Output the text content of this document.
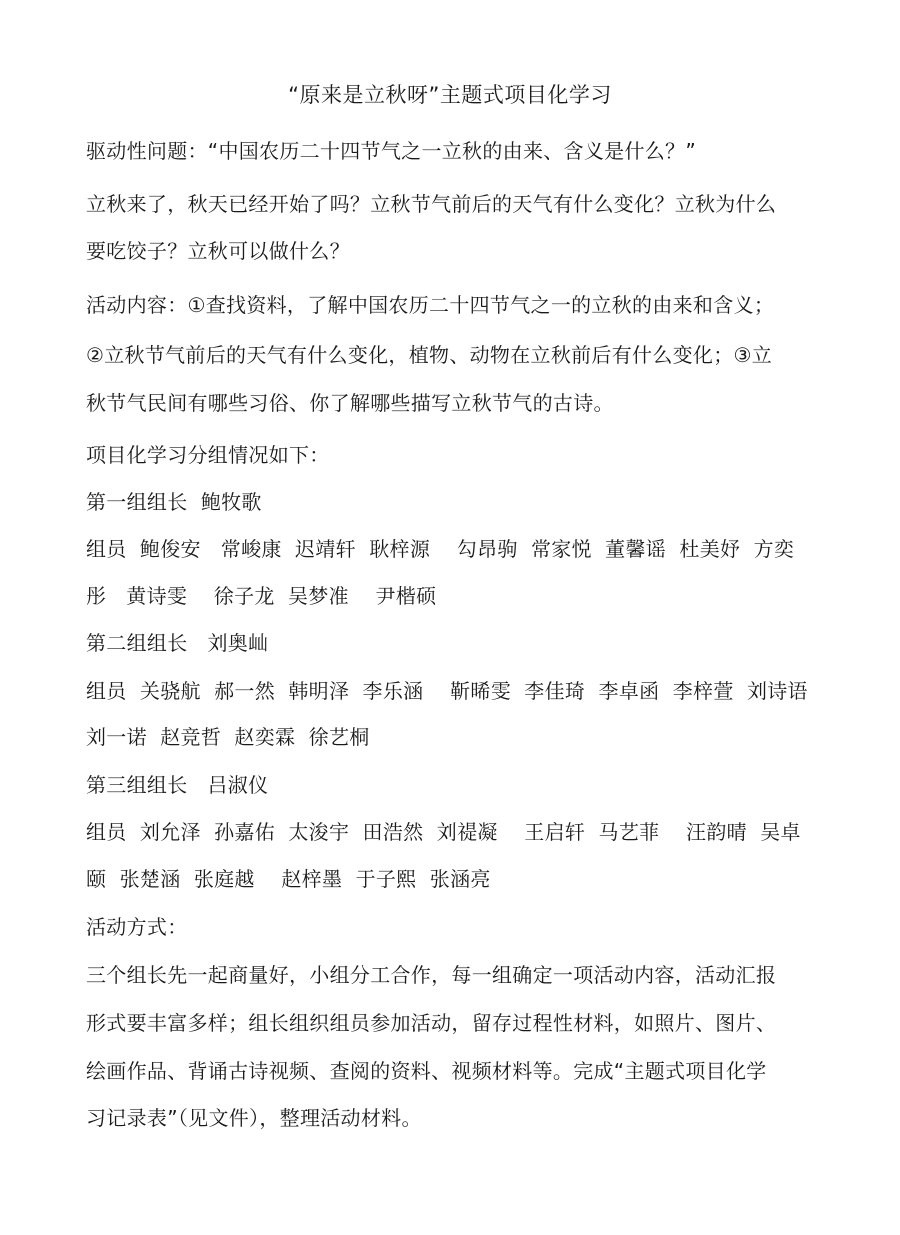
“原来是立秋呀”主题式项目化学习
驱动性问题：“中国农历二十四节气之一立秋的由来、含义是什么？”
立秋来了，秋天已经开始了吗？立秋节气前后的天气有什么变化？立秋为什么
要吃饺子？立秋可以做什么？
活动内容：①查找资料，了解中国农历二十四节气之一的立秋的由来和含义；
②立秋节气前后的天气有什么变化，植物、动物在立秋前后有什么变化；③立
秋节气民间有哪些习俗、你了解哪些描写立秋节气的古诗。
项目化学习分组情况如下：
第一组组长  鲍牧歌
组员  鲍俊安   常峻康  迟靖轩  耿梓源    勾昂驹  常家悦  董馨谣  杜美妤  方奕
彤   黄诗雯    徐子龙  吴梦准    尹楷硕
第二组组长   刘奥屾
组员  关骁航  郝一然  韩明泽  李乐涵    靳晞雯  李佳琦  李卓函  李梓萱  刘诗语
刘一诺  赵竞哲  赵奕霖  徐艺桐
第三组组长   吕淑仪
组员  刘允泽  孙嘉佑  太浚宇  田浩然  刘禔凝    王启轩  马艺菲    汪韵晴  吴卓
颐  张楚涵  张庭越    赵梓墨  于子熙  张涵亮
活动方式：
三个组长先一起商量好，小组分工合作，每一组确定一项活动内容，活动汇报
形式要丰富多样；组长组织组员参加活动，留存过程性材料，如照片、图片、
绘画作品、背诵古诗视频、查阅的资料、视频材料等。完成“主题式项目化学
习记录表”（见文件），整理活动材料。
